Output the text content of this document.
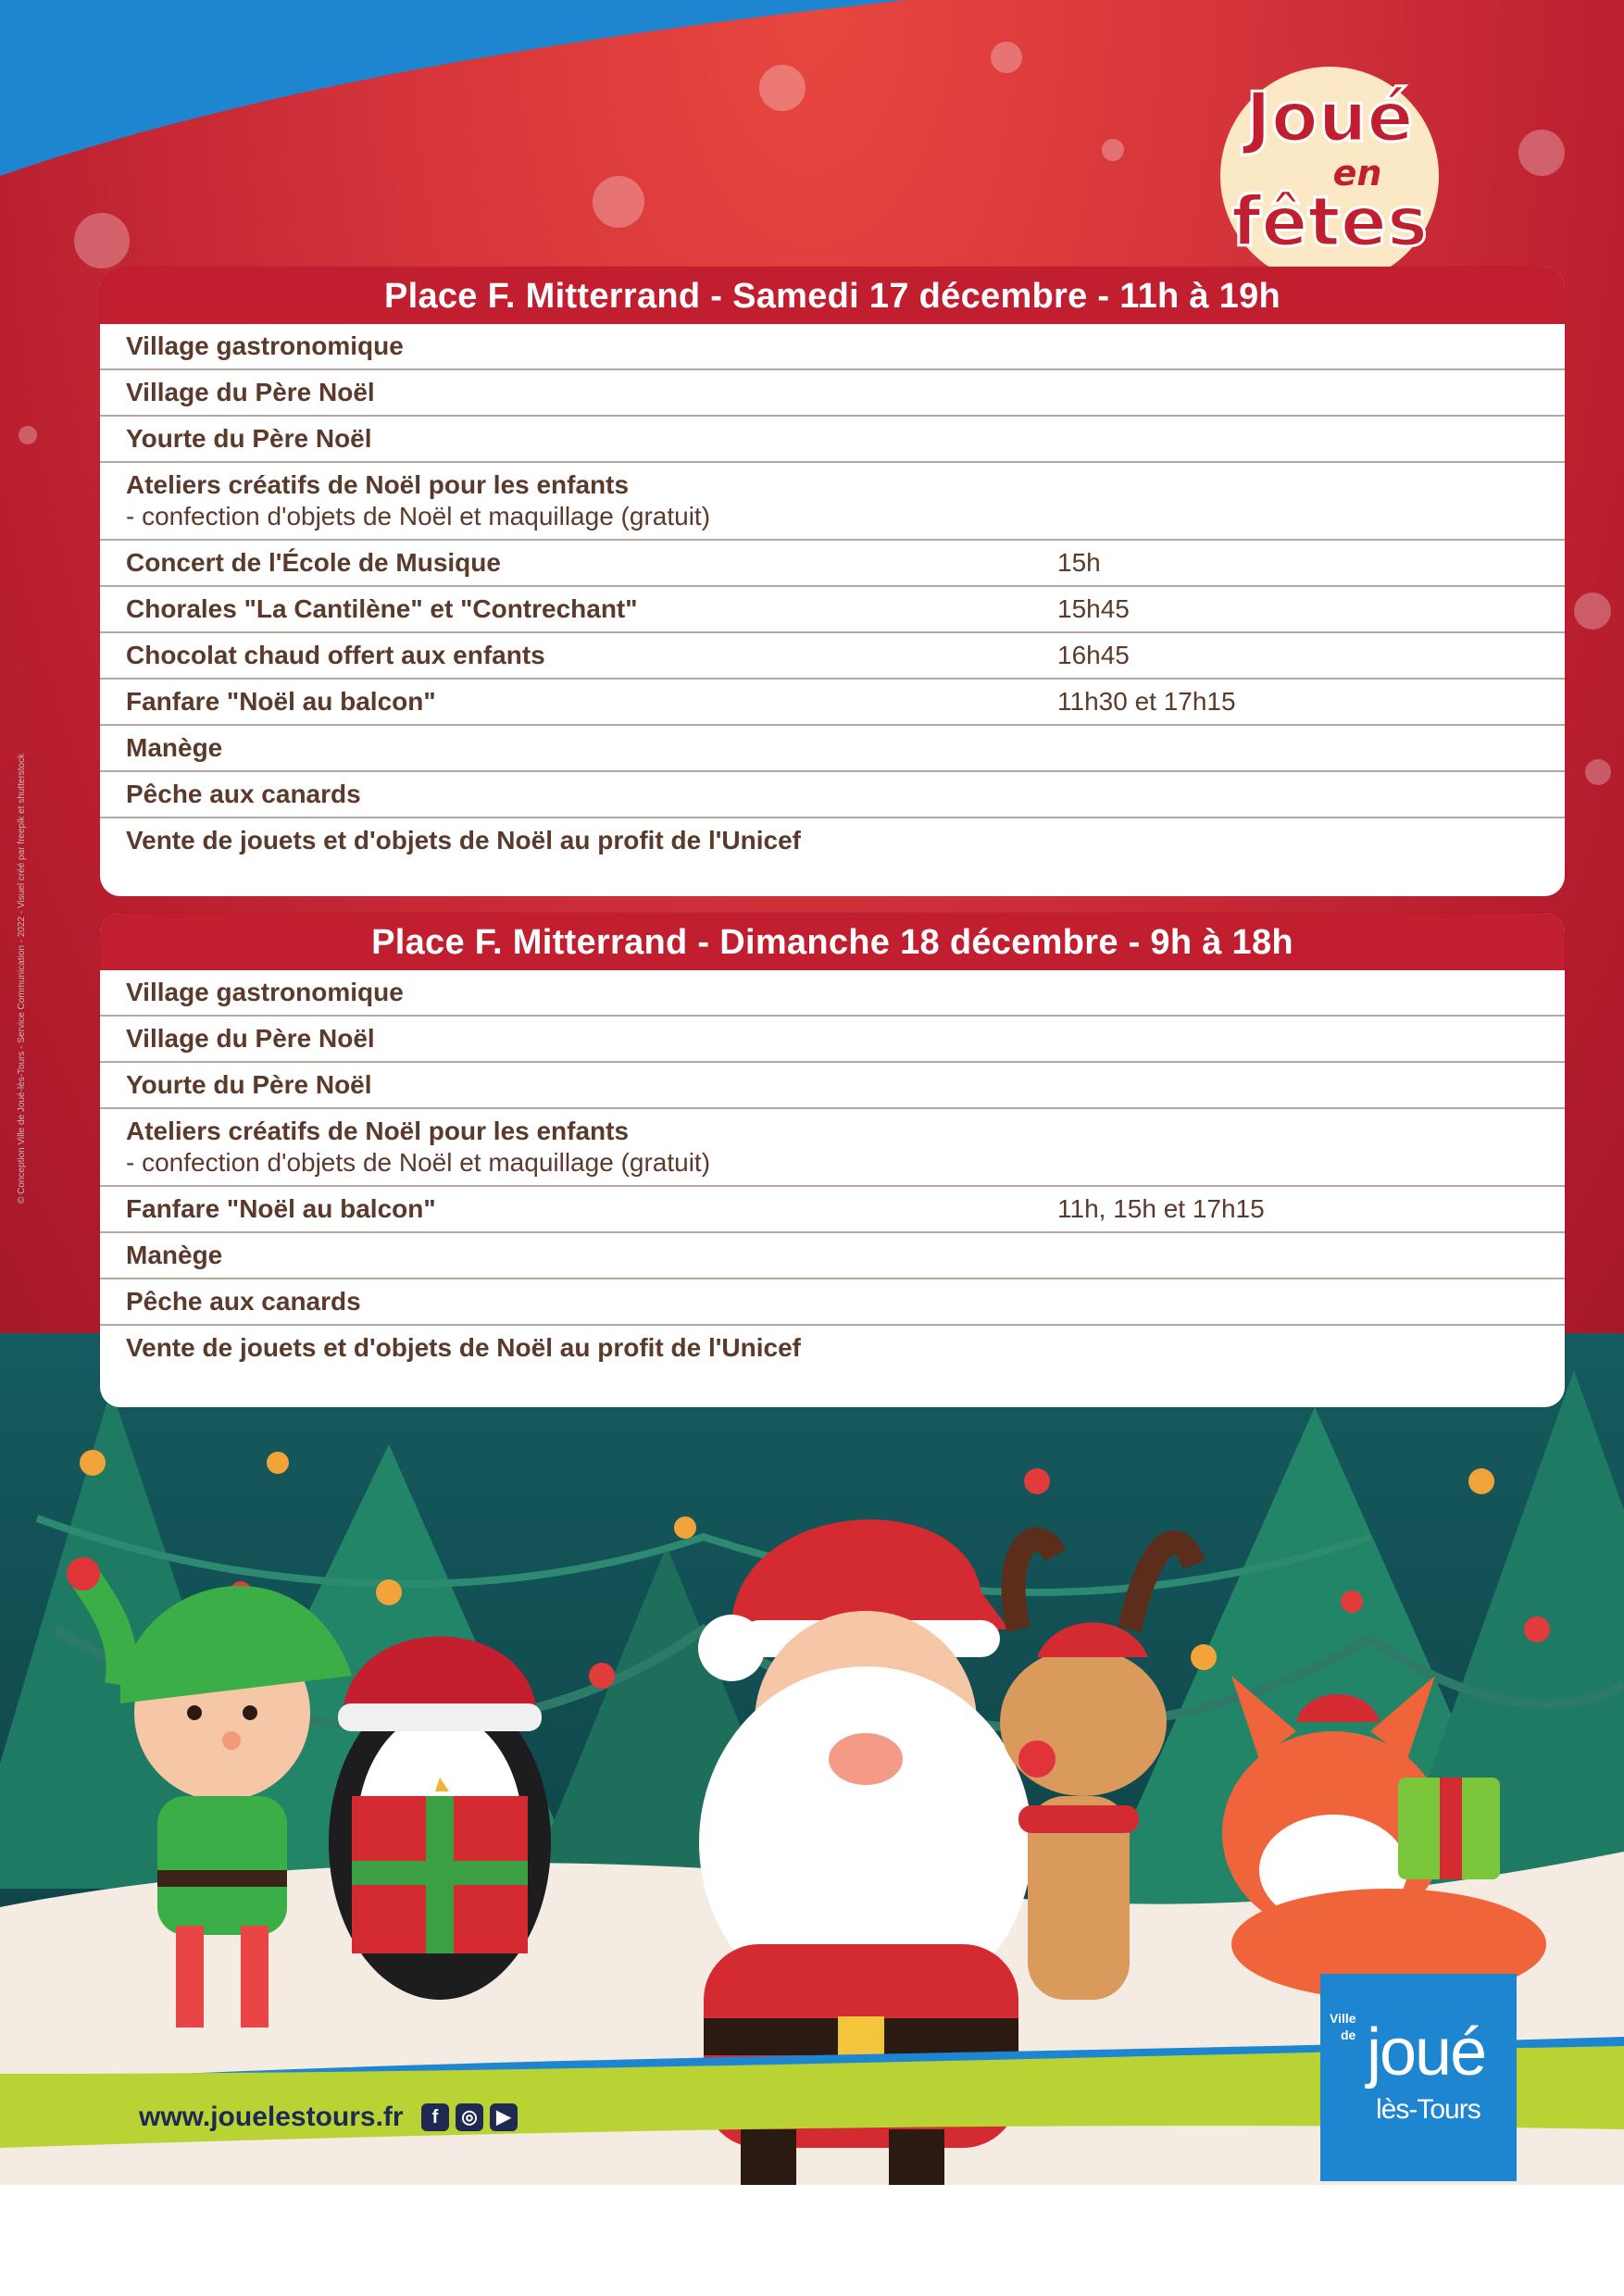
© Conception Ville de Joué-lès-Tours - Service Communication - 2022 - Visuel créé par freepik et shutterstock
Joué
en
fêtes
Place F. Mitterrand - Samedi 17 décembre - 11h à 19h
Village gastronomique
Village du Père Noël
Yourte du Père Noël
Ateliers créatifs de Noël pour les enfants
- confection d'objets de Noël et maquillage (gratuit)
Concert de l'École de Musique	15h
Chorales "La Cantilène" et "Contrechant"	15h45
Chocolat chaud offert aux enfants	16h45
Fanfare "Noël au balcon"	11h30 et 17h15
Manège
Pêche aux canards
Vente de jouets et d'objets de Noël au profit de l'Unicef
Place F. Mitterrand - Dimanche 18 décembre - 9h à 18h
Village gastronomique
Village du Père Noël
Yourte du Père Noël
Ateliers créatifs de Noël pour les enfants
- confection d'objets de Noël et maquillage (gratuit)
Fanfare "Noël au balcon"	11h, 15h et 17h15
Manège
Pêche aux canards
Vente de jouets et d'objets de Noël au profit de l'Unicef
www.jouelestours.fr	f	◎	▶
Ville
de joué
lès-Tours
